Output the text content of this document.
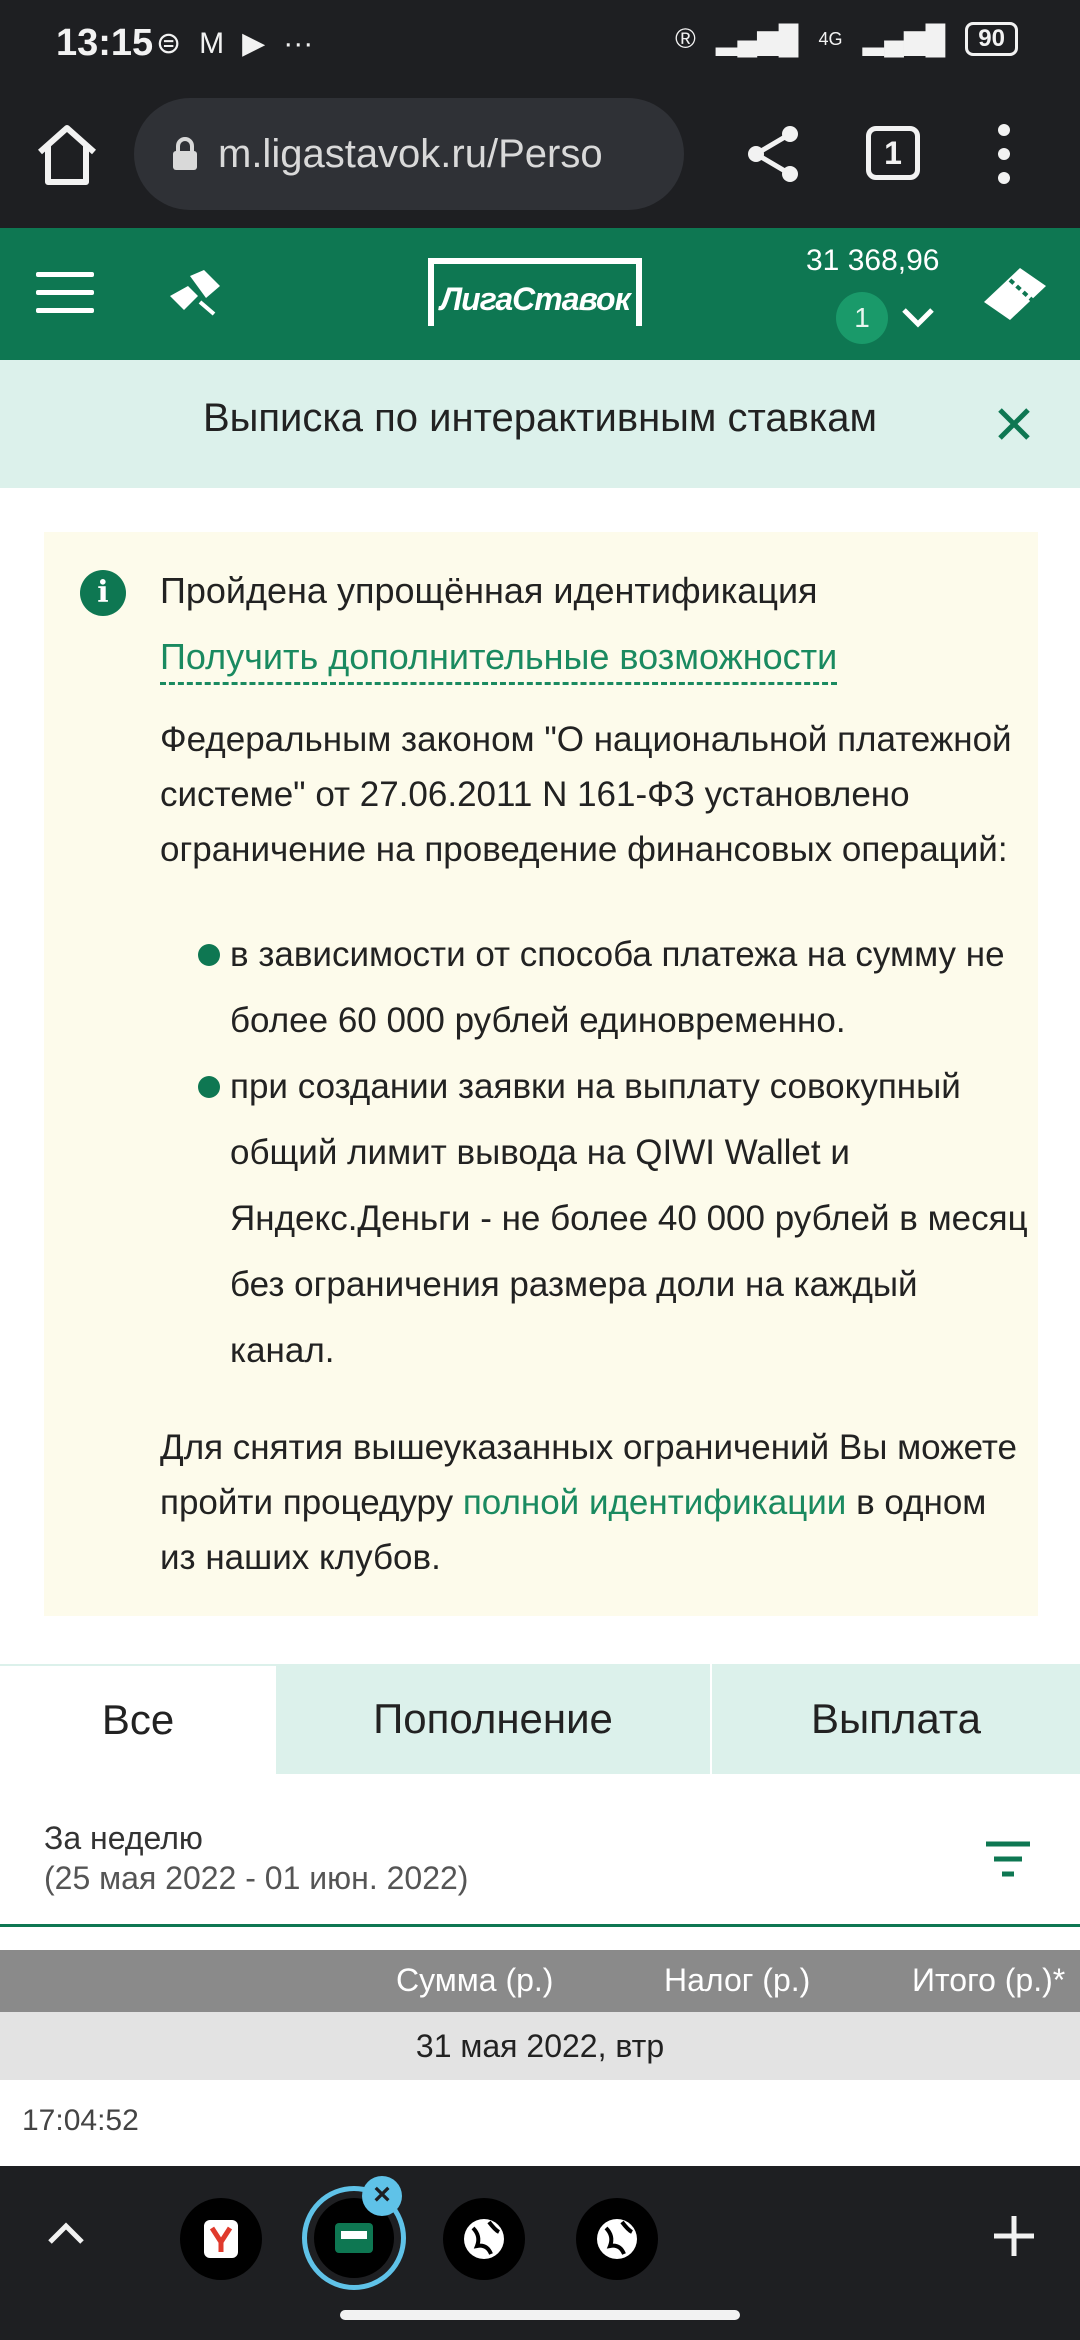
13:15 ⊜ M ▶ ···	® ▂▄▆█ 4G ▂▄▆█	90
m.ligastavok.ru/Perso	1
ЛигаСтавок
31 368,96
1
Выписка по интерактивным ставкам
i	Пройдена упрощённая идентификация
Получить дополнительные возможности
Федеральным законом "О национальной платежной системе" от 27.06.2011 N 161-ФЗ установлено ограничение на проведение финансовых операций:
в зависимости от способа платежа на сумму не более 60 000 рублей единовременно.
при создании заявки на выплату совокупный общий лимит вывода на QIWI Wallet и Яндекс.Деньги - не более 40 000 рублей в месяц без ограничения размера доли на каждый канал.
Для снятия вышеуказанных ограничений Вы можете пройти процедуру полной идентификации в одном из наших клубов.
Все	Пополнение	Выплата
За неделю
(25 мая 2022 - 01 июн. 2022)
Сумма (р.)	Налог (р.)	Итого (р.)*
31 мая 2022, втр
17:04:52
×
